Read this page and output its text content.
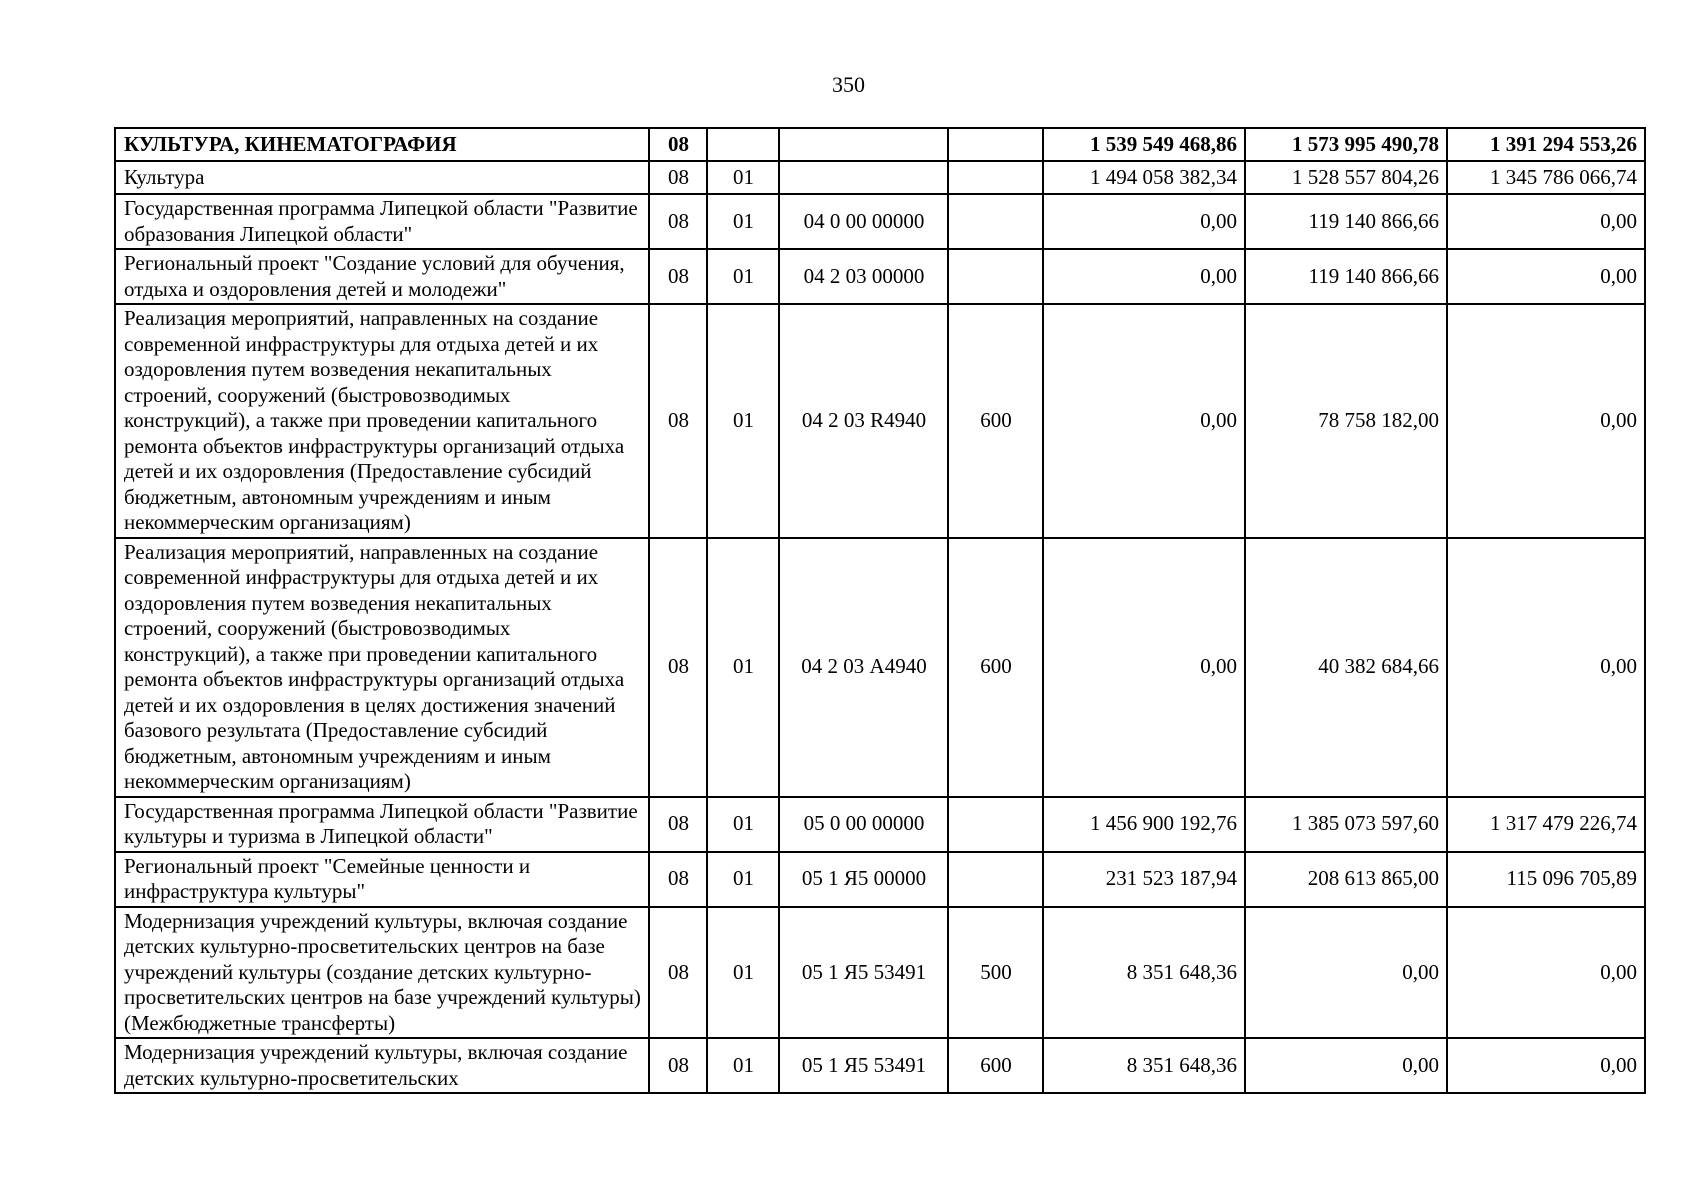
350
КУЛЬТУРА, КИНЕМАТОГРАФИЯ	08				1 539 549 468,86	1 573 995 490,78	1 391 294 553,26
Культура	08	01			1 494 058 382,34	1 528 557 804,26	1 345 786 066,74
Государственная программа Липецкой области "Развитие образования Липецкой области"	08	01	04 0 00 00000		0,00	119 140 866,66	0,00
Региональный проект "Создание условий для обучения, отдыха и оздоровления детей и молодежи"	08	01	04 2 03 00000		0,00	119 140 866,66	0,00
Реализация мероприятий, направленных на создание современной инфраструктуры для отдыха детей и их оздоровления путем возведения некапитальных строений, сооружений (быстровозводимых конструкций), а также при проведении капитального ремонта объектов инфраструктуры организаций отдыха детей и их оздоровления (Предоставление субсидий бюджетным, автономным учреждениям и иным некоммерческим организациям)	08	01	04 2 03 R4940	600	0,00	78 758 182,00	0,00
Реализация мероприятий, направленных на создание современной инфраструктуры для отдыха детей и их оздоровления путем возведения некапитальных строений, сооружений (быстровозводимых конструкций), а также при проведении капитального ремонта объектов инфраструктуры организаций отдыха детей и их оздоровления в целях достижения значений базового результата (Предоставление субсидий бюджетным, автономным учреждениям и иным некоммерческим организациям)	08	01	04 2 03 А4940	600	0,00	40 382 684,66	0,00
Государственная программа Липецкой области "Развитие культуры и туризма в Липецкой области"	08	01	05 0 00 00000		1 456 900 192,76	1 385 073 597,60	1 317 479 226,74
Региональный проект "Семейные ценности и инфраструктура культуры"	08	01	05 1 Я5 00000		231 523 187,94	208 613 865,00	115 096 705,89
Модернизация учреждений культуры, включая создание детских культурно-просветительских центров на базе учреждений культуры (создание детских культурно-просветительских центров на базе учреждений культуры) (Межбюджетные трансферты)	08	01	05 1 Я5 53491	500	8 351 648,36	0,00	0,00
Модернизация учреждений культуры, включая создание детских культурно-просветительских	08	01	05 1 Я5 53491	600	8 351 648,36	0,00	0,00
